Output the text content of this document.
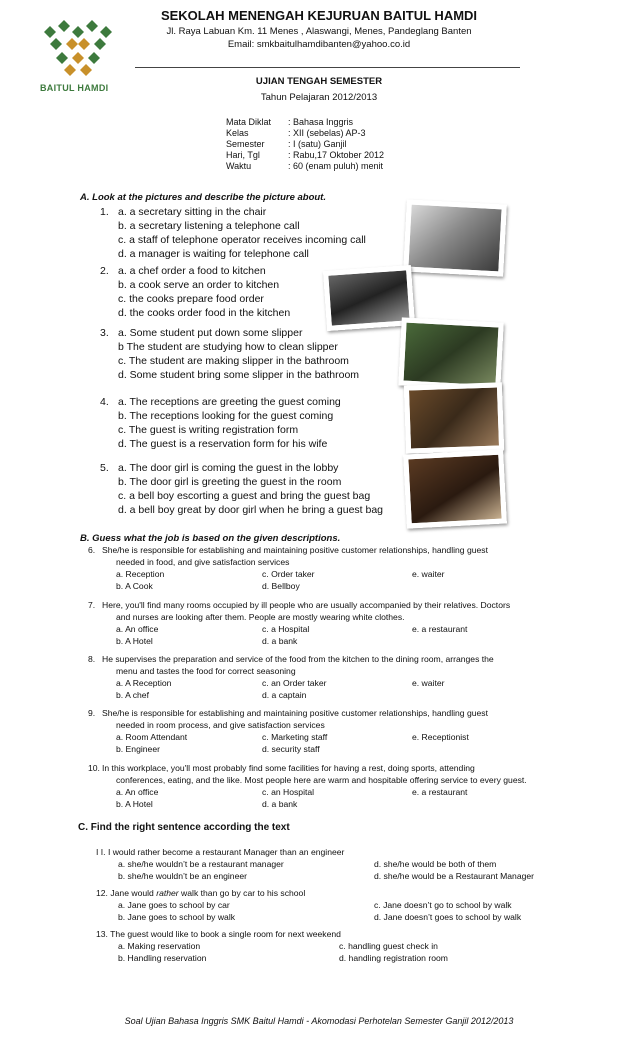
BAITUL HAMDI
SEKOLAH MENENGAH KEJURUAN BAITUL HAMDI
Jl. Raya Labuan Km. 11 Menes , Alaswangi, Menes, Pandeglang Banten
Email: smkbaitulhamdibanten@yahoo.co.id
UJIAN TENGAH SEMESTER
Tahun Pelajaran 2012/2013
Mata Diklat	: Bahasa Inggris
Kelas	: XII (sebelas) AP-3
Semester	: I (satu) Ganjil
Hari, Tgl	: Rabu,17 Oktober 2012
Waktu	: 60 (enam puluh) menit
A. Look at the pictures and describe the picture about.
1. a. a secretary sitting in the chair
b. a secretary listening a telephone call
c. a staff of telephone operator receives incoming call
d. a manager is waiting for telephone call
2. a. a chef order a food to kitchen
b. a cook serve an order to kitchen
c. the cooks prepare food order
d. the cooks order food in the kitchen
3. a. Some student put down some slipper
b The student are studying how to clean slipper
c. The student are making slipper in the bathroom
d. Some student bring some slipper in the bathroom
4. a. The receptions are greeting the guest coming
b. The receptions looking for the guest coming
c. The guest is writing registration form
d. The guest is a reservation form for his wife
5. a. The door girl is coming the guest in the lobby
b. The door girl is greeting the guest in the room
c. a bell boy escorting a guest and bring the guest bag
d. a bell boy great by door girl when he bring a guest bag
B. Guess what the job is based on the given descriptions.
6. She/he is responsible for establishing and maintaining positive customer relationships, handling guest
needed in food, and give satisfaction services
a. Reception	c. Order taker	e. waiter
b. A Cook	d. Bellboy
7. Here, you'll find many rooms occupied by ill people who are usually accompanied by their relatives. Doctors
and nurses are looking after them. People are mostly wearing white clothes.
a. An office	c. a Hospital	e. a restaurant
b. A Hotel	d. a bank
8. He supervises the preparation and service of the food from the kitchen to the dining room, arranges the
menu and tastes the food for correct seasoning
a. A Reception	c. an Order taker	e. waiter
b. A chef	d. a captain
9. She/he is responsible for establishing and maintaining positive customer relationships, handling guest
needed in room process, and give satisfaction services
a. Room Attendant	c. Marketing staff	e. Receptionist
b. Engineer	d. security staff
10. In this workplace, you'll most probably find some facilities for having a rest, doing sports, attending
conferences, eating, and the like. Most people here are warm and hospitable offering service to every guest.
a. An office	c. an Hospital	e. a restaurant
b. A Hotel	d. a bank
C. Find the right sentence according the text
I I. I would rather become a restaurant Manager than an engineer
a. she/he wouldn’t be a restaurant manager	d. she/he would be both of them
b. she/he wouldn’t be an engineer	d. she/he would be a Restaurant Manager
12. Jane would rather walk than go by car to his school
a. Jane goes to school by car	c. Jane doesn’t go to school by walk
b. Jane goes to school by walk	d. Jane doesn’t goes to school by walk
13. The guest would like to book a single room for next weekend
a. Making reservation	c. handling guest check in
b. Handling reservation	d. handling registration room
Soal Ujian Bahasa Inggris SMK Baitul Hamdi - Akomodasi Perhotelan Semester Ganjil 2012/2013
